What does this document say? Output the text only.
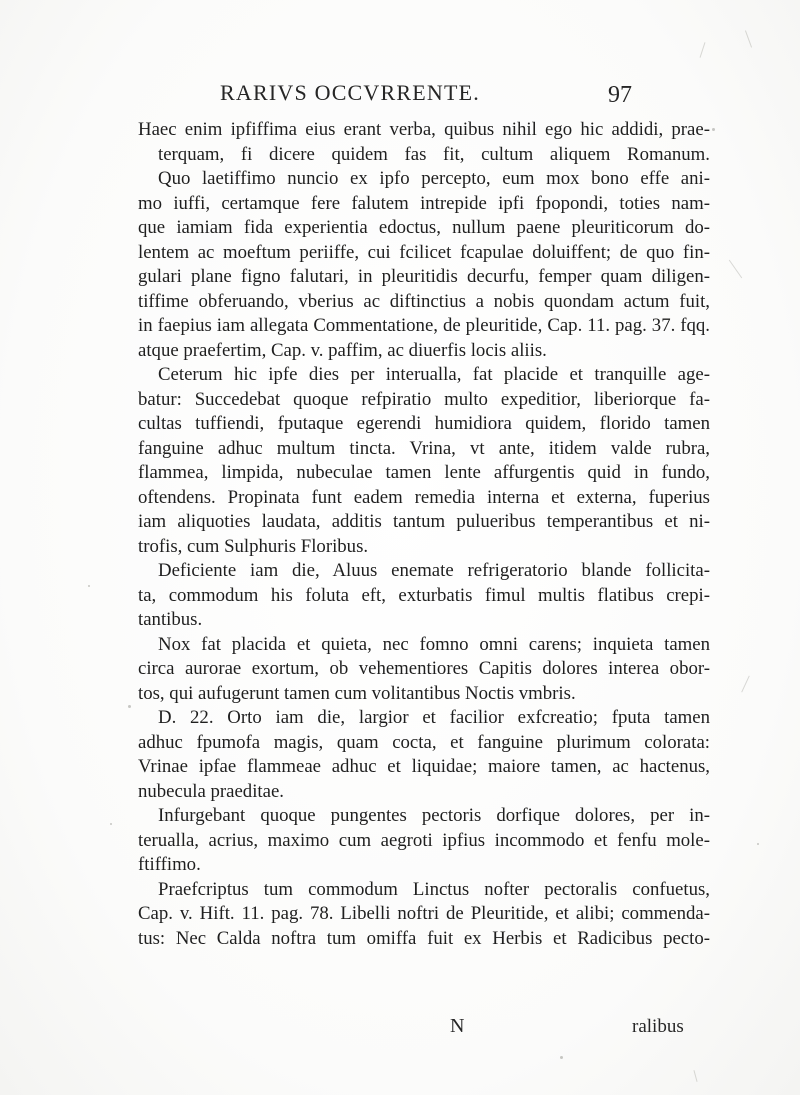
RARIVS OCCVRRENTE.	97
Haec enim ipfiffima eius erant verba, quibus nihil ego hic addidi, prae-
terquam, fi dicere quidem fas fit, cultum aliquem Romanum.
Quo laetiffimo nuncio ex ipfo percepto, eum mox bono effe ani-
mo iuffi, certamque fere falutem intrepide ipfi fpopondi, toties nam-
que iamiam fida experientia edoctus, nullum paene pleuriticorum do-
lentem ac moeftum periiffe, cui fcilicet fcapulae doluiffent; de quo fin-
gulari plane figno falutari, in pleuritidis decurfu, femper quam diligen-
tiffime obferuando, vberius ac diftinctius a nobis quondam actum fuit,
in faepius iam allegata Commentatione, de pleuritide, Cap. 11. pag. 37. fqq.
atque praefertim, Cap. v. paffim, ac diuerfis locis aliis.
Ceterum hic ipfe dies per interualla, fat placide et tranquille age-
batur: Succedebat quoque refpiratio multo expeditior, liberiorque fa-
cultas tuffiendi, fputaque egerendi humidiora quidem, florido tamen
fanguine adhuc multum tincta. Vrina, vt ante, itidem valde rubra,
flammea, limpida, nubeculae tamen lente affurgentis quid in fundo,
oftendens. Propinata funt eadem remedia interna et externa, fuperius
iam aliquoties laudata, additis tantum pulueribus temperantibus et ni-
trofis, cum Sulphuris Floribus.
Deficiente iam die, Aluus enemate refrigeratorio blande follicita-
ta, commodum his foluta eft, exturbatis fimul multis flatibus crepi-
tantibus.
Nox fat placida et quieta, nec fomno omni carens; inquieta tamen
circa aurorae exortum, ob vehementiores Capitis dolores interea obor-
tos, qui aufugerunt tamen cum volitantibus Noctis vmbris.
D. 22. Orto iam die, largior et facilior exfcreatio; fputa tamen
adhuc fpumofa magis, quam cocta, et fanguine plurimum colorata:
Vrinae ipfae flammeae adhuc et liquidae; maiore tamen, ac hactenus,
nubecula praeditae.
Infurgebant quoque pungentes pectoris dorfique dolores, per in-
terualla, acrius, maximo cum aegroti ipfius incommodo et fenfu mole-
ftiffimo.
Praefcriptus tum commodum Linctus nofter pectoralis confuetus,
Cap. v. Hift. 11. pag. 78. Libelli noftri de Pleuritide, et alibi; commenda-
tus: Nec Calda noftra tum omiffa fuit ex Herbis et Radicibus pecto-
N	ralibus
